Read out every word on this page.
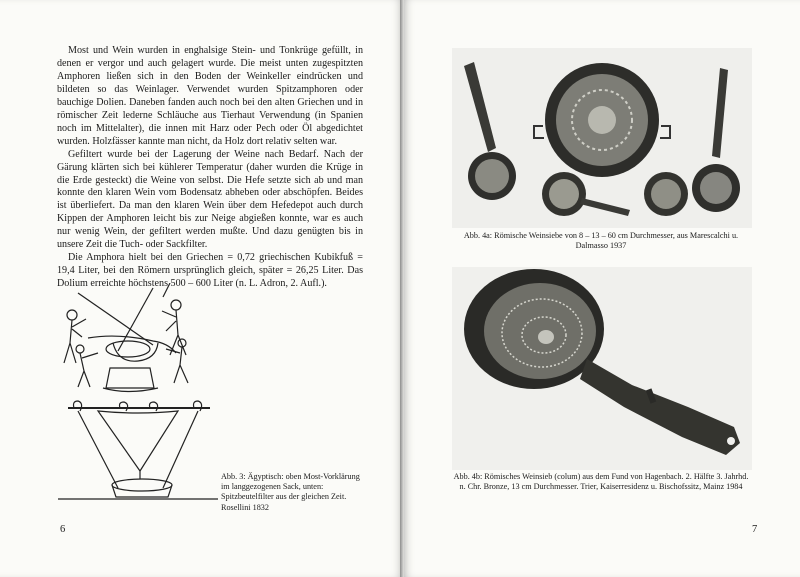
Most und Wein wurden in enghalsige Stein- und Tonkrüge gefüllt, in denen er vergor und auch gelagert wurde. Die meist unten zugespitzten Amphoren ließen sich in den Boden der Weinkeller eindrücken und bildeten so das Weinlager. Verwendet wurden Spitzamphoren oder bauchige Dolien. Daneben fanden auch noch bei den alten Griechen und in römischer Zeit lederne Schläuche aus Tierhaut Verwendung (in Spanien noch im Mittelalter), die innen mit Harz oder Pech oder Öl abgedichtet wurden. Holzfässer kannte man nicht, da Holz dort relativ selten war.

Gefiltert wurde bei der Lagerung der Weine nach Bedarf. Nach der Gärung klärten sich bei kühlerer Temperatur (daher wurden die Krüge in die Erde gesteckt) die Weine von selbst. Die Hefe setzte sich ab und man konnte den klaren Wein vom Bodensatz abheben oder abschöpfen. Beides ist überliefert. Da man den klaren Wein über dem Hefedepot auch durch Kippen der Amphoren leicht bis zur Neige abgießen konnte, war es auch nur wenig Wein, der gefiltert werden mußte. Und dazu genügten bis in unsere Zeit die Tuch- oder Sackfilter.

Die Amphora hielt bei den Griechen = 0,72 griechischen Kubikfuß = 19,4 Liter, bei den Römern ursprünglich gleich, später = 26,25 Liter. Das Dolium erreichte höchstens 500 – 600 Liter (n. L. Adron, 2. Aufl.).

Abb. 3: Ägyptisch: oben Most-Vorklärung im langgezogenen Sack, unten: Spitzbeutelfilter aus der gleichen Zeit. Rosellini 1832
6
Abb. 4a: Römische Weinsiebe von 8 – 13 – 60 cm Durchmesser, aus Marescalchi u. Dalmasso 1937
Abb. 4b: Römisches Weinsieb (colum) aus dem Fund von Hagenbach. 2. Hälfte 3. Jahrhd. n. Chr. Bronze, 13 cm Durchmesser. Trier, Kaiserresidenz u. Bischofssitz, Mainz 1984
7
